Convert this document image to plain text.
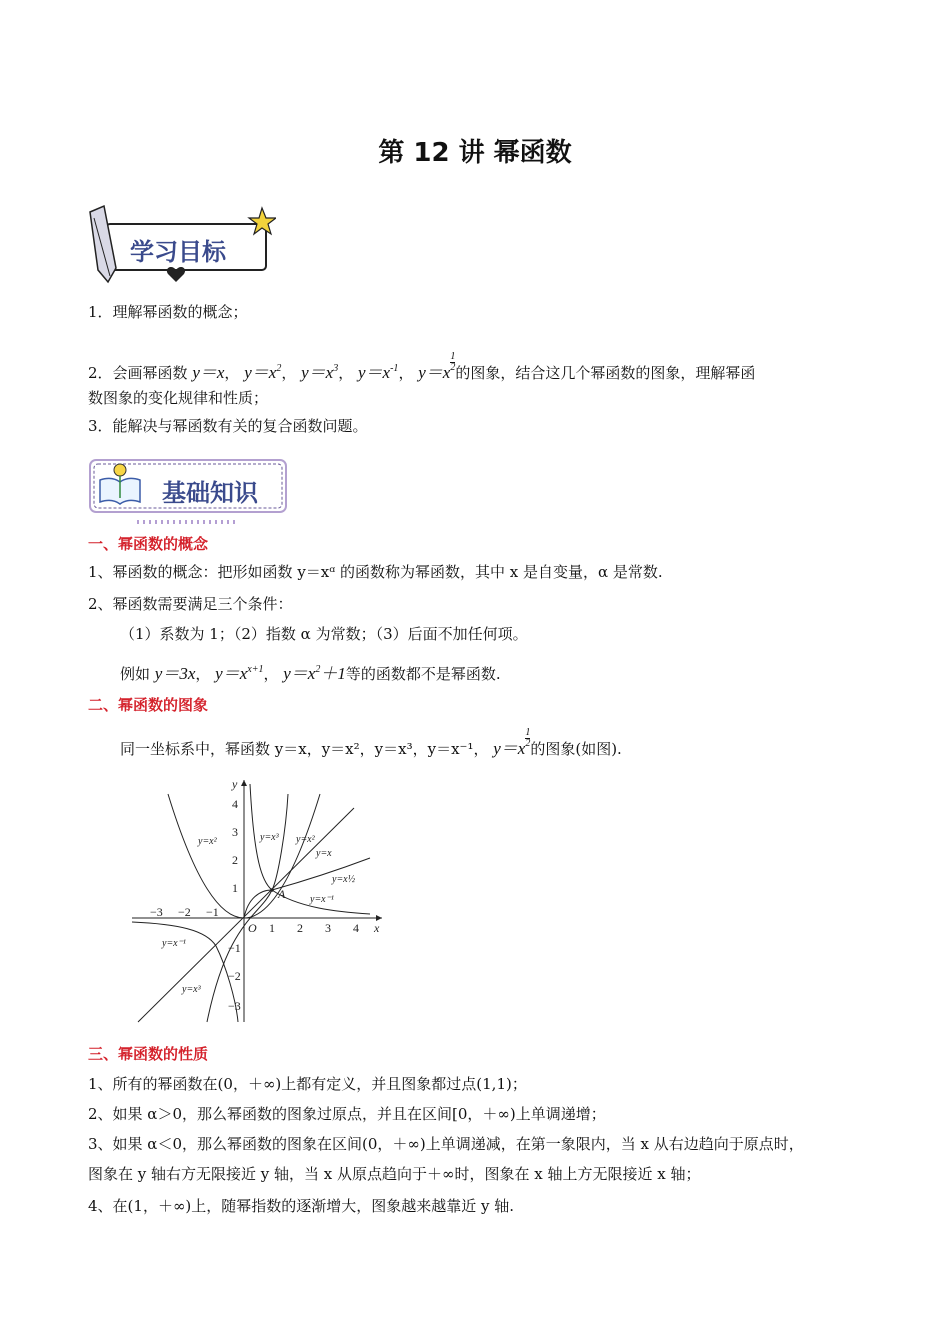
第 12 讲 幂函数
学习目标
1．理解幂函数的概念；
2．会画幂函数 y＝x， $y=x^2$， $y=x^3$， $y=x^{-1}$， $y=x \frac{1}{2}$ 的图象，结合这几个幂函数的图象，理解幂函
数图象的变化规律和性质；
3．能解决与幂函数有关的复合函数问题。
基础知识
一、幂函数的概念
1、幂函数的概念：把形如函数 y＝xᵅ 的函数称为幂函数，其中 x 是自变量，α 是常数.
2、幂函数需要满足三个条件：
（1）系数为 1；（2）指数 α 为常数；（3）后面不加任何项。
例如 y＝3x， $y=x^{x+1}$， $y=x^2+1$等的函数都不是幂函数.
二、幂函数的图象
同一坐标系中，幂函数 y＝x，y＝x²，y＝x³，y＝x⁻¹， $y=x \frac{1}{2}$ 的图象(如图).
x
y
O
A
−3 −2 −1
1 2 3 4
4
3
2
1
−1
−2
−3
y=x²	y=x³ y=x²
y=x
y=x½
y=x⁻¹
y=x⁻¹
y=x³
三、幂函数的性质
1、所有的幂函数在(0，＋∞)上都有定义，并且图象都过点(1,1)；
2、如果 α＞0，那么幂函数的图象过原点，并且在区间[0，＋∞)上单调递增；
3、如果 α＜0，那么幂函数的图象在区间(0，＋∞)上单调递减，在第一象限内，当 x 从右边趋向于原点时，
图象在 y 轴右方无限接近 y 轴，当 x 从原点趋向于＋∞时，图象在 x 轴上方无限接近 x 轴；
4、在(1，＋∞)上，随幂指数的逐渐增大，图象越来越靠近 y 轴.
